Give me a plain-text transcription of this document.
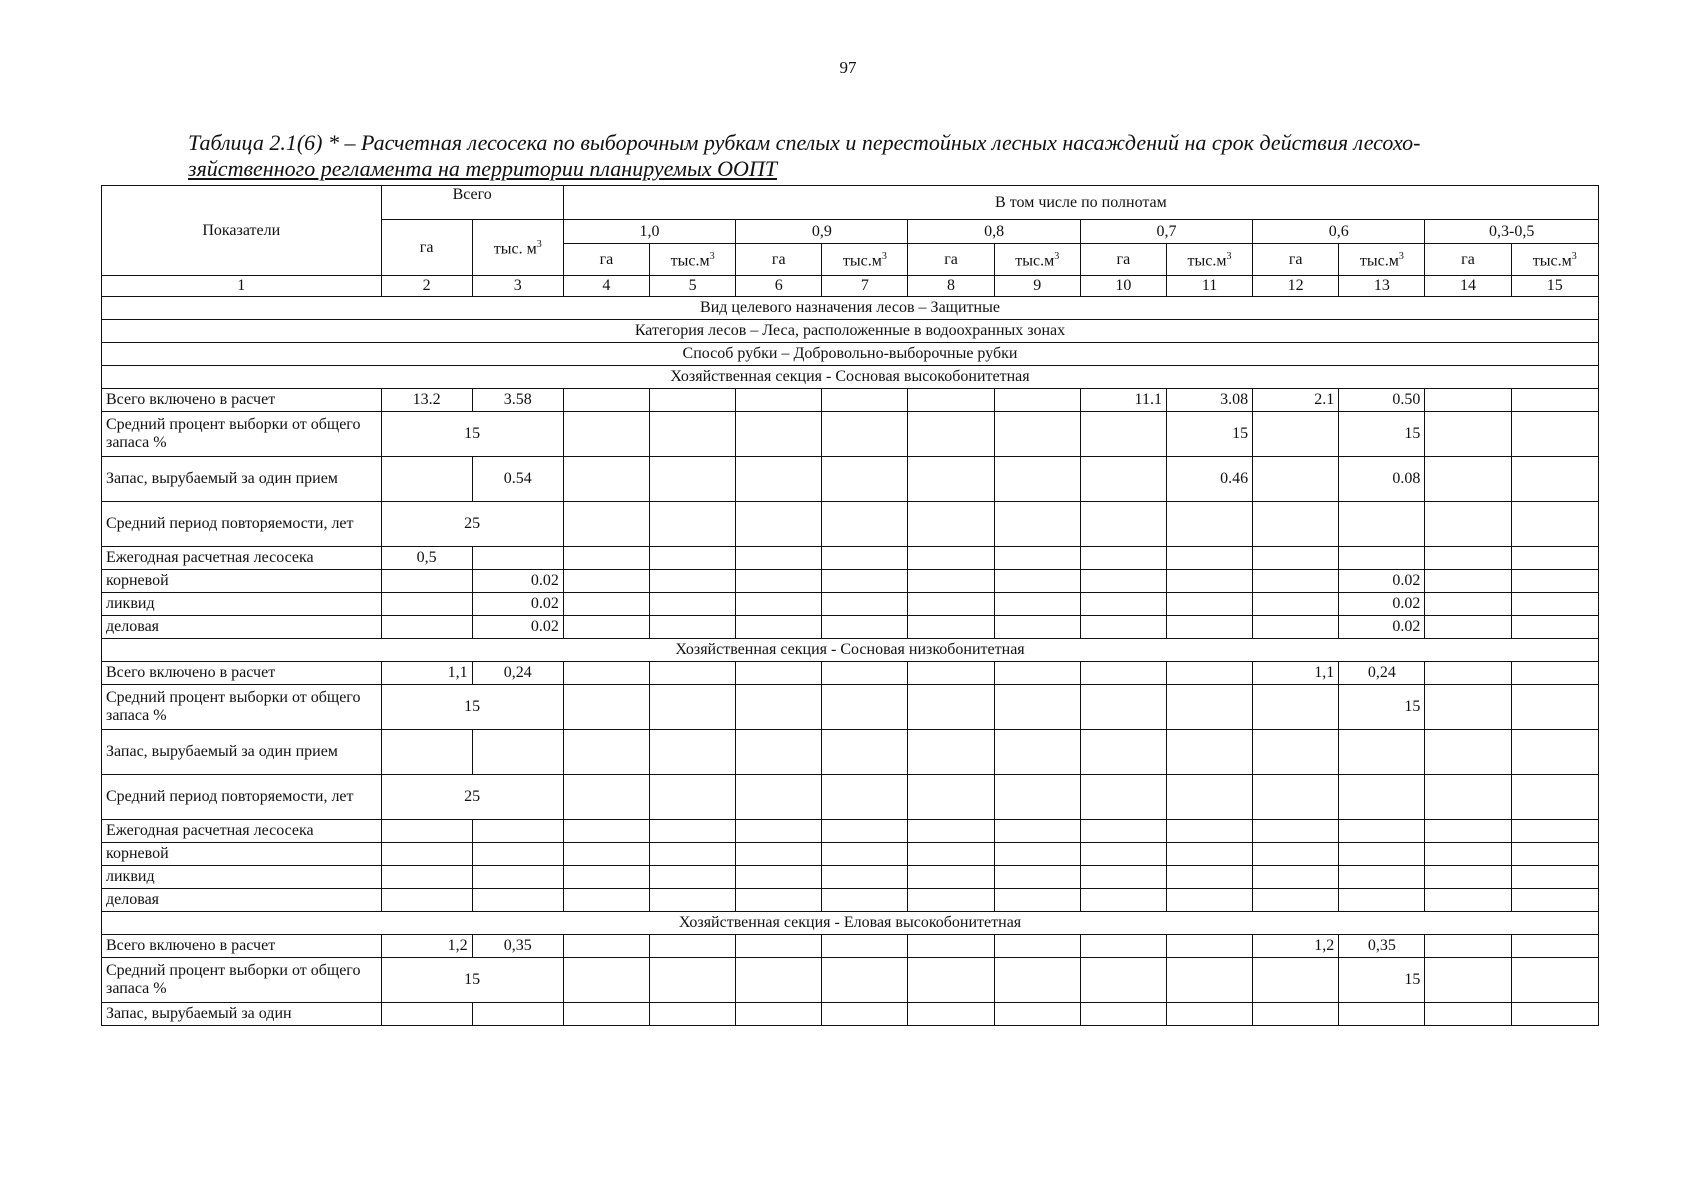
97
Таблица 2.1(6) * – Расчетная лесосека по выборочным рубкам спелых и перестойных лесных насаждений на срок действия лесохо-
зяйственного регламента на территории планируемых ООПТ
Показатели	Всего		В том числе по полнотам											
	га	тыс. $м^3$	1,0		0,9		0,8		0,7		0,6		0,3-0,5	
			га	$тыс.м^3$	га	$тыс.м^3$	га	$тыс.м^3$	га	$тыс.м^3$	га	$тыс.м^3$	га	$тыс.м^3$
1	2	3	4	5	6	7	8	9	10	11	12	13	14	15
Вид целевого назначения лесов – Защитные														
Категория лесов – Леса, расположенные в водоохранных зонах														
Способ рубки – Добровольно-выборочные рубки														
Хозяйственная секция - Сосновая высокобонитетная														
Всего включено в расчет	13.2	3.58							11.1	3.08	2.1	0.50		
Средний процент выборки от общего запаса %	15									15		15		
Запас, вырубаемый за один прием		0.54								0.46		0.08		
Средний период повторяемости, лет	25													
Ежегодная расчетная лесосека	0,5													
корневой		0.02										0.02		
ликвид		0.02										0.02		
деловая		0.02										0.02		
Хозяйственная секция - Сосновая низкобонитетная														
Всего включено в расчет	1,1	0,24									1,1	0,24		
Средний процент выборки от общего запаса %	15											15		
Запас, вырубаемый за один прием														
Средний период повторяемости, лет	25													
Ежегодная расчетная лесосека														
корневой														
ликвид														
деловая														
Хозяйственная секция - Еловая высокобонитетная														
Всего включено в расчет	1,2	0,35									1,2	0,35		
Средний процент выборки от общего запаса %	15											15		
Запас, вырубаемый за один														
